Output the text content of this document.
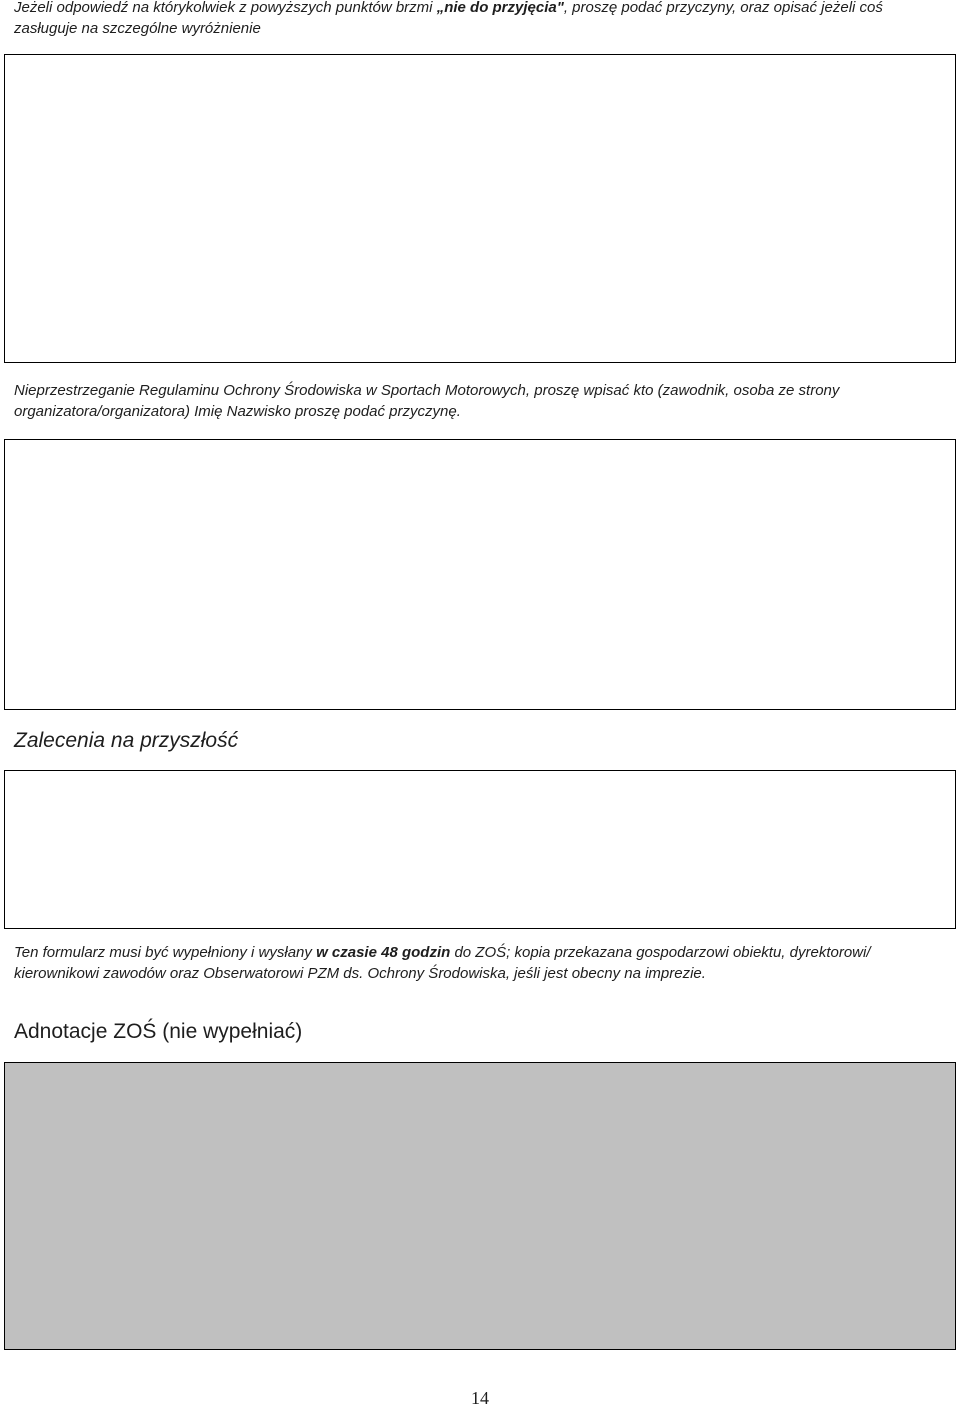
Jeżeli odpowiedź na którykolwiek z powyższych punktów brzmi „nie do przyjęcia", proszę podać przyczyny, oraz opisać jeżeli coś zasługuje na szczególne wyróżnienie
Nieprzestrzeganie Regulaminu Ochrony Środowiska w Sportach Motorowych, proszę wpisać kto (zawodnik, osoba ze strony organizatora/organizatora) Imię Nazwisko proszę podać przyczynę.
Zalecenia na przyszłość
Ten formularz musi być wypełniony i wysłany w czasie 48 godzin do ZOŚ; kopia przekazana gospodarzowi obiektu, dyrektorowi/ kierownikowi zawodów oraz Obserwatorowi PZM ds. Ochrony Środowiska, jeśli jest obecny na imprezie.
Adnotacje ZOŚ (nie wypełniać)
14
